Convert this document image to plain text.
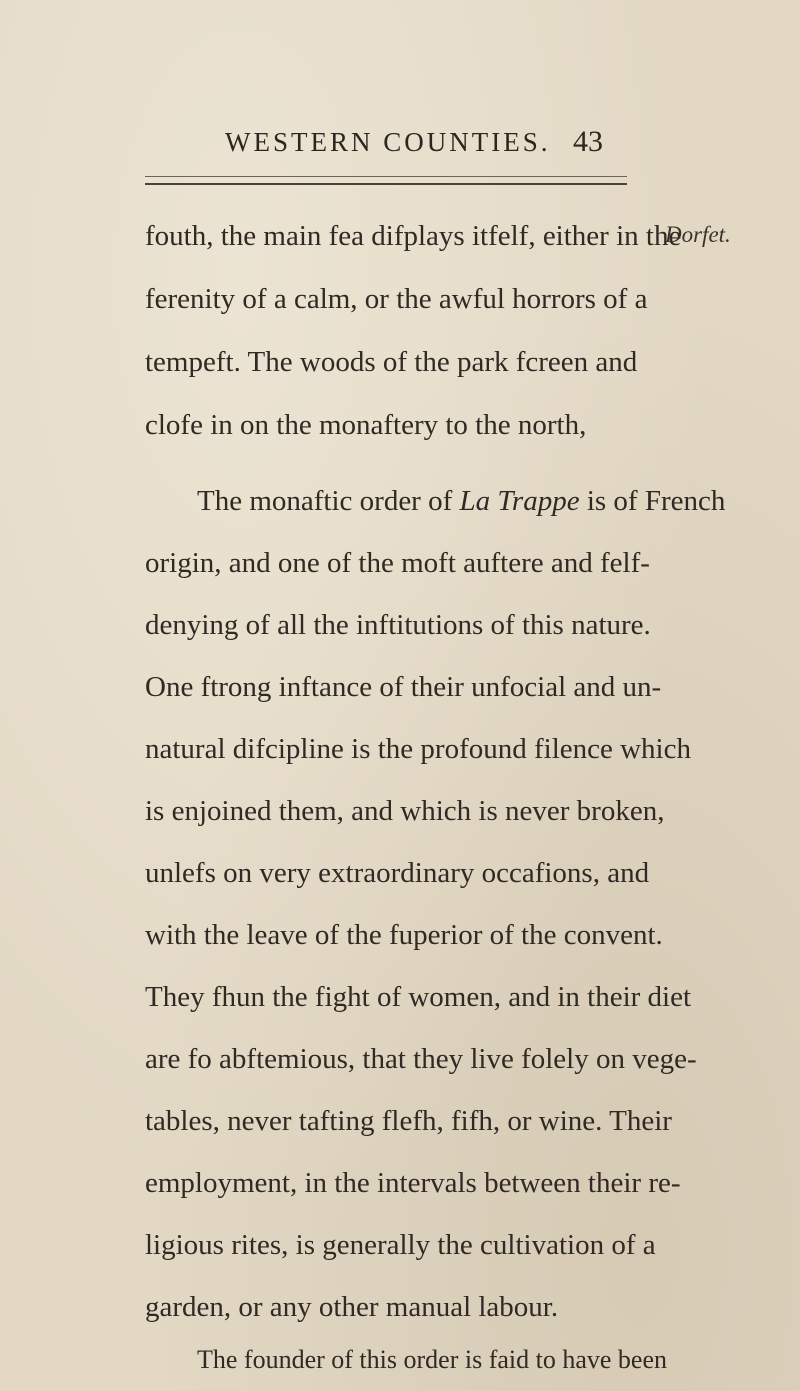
WESTERN COUNTIES. 43
Dorfet.
fouth, the main fea difplays itfelf, either in the
ferenity of a calm, or the awful horrors of a
tempeft. The woods of the park fcreen and
clofe in on the monaftery to the north,
The monaftic order of La Trappe is of French
origin, and one of the moft auftere and felf-
denying of all the inftitutions of this nature.
One ftrong inftance of their unfocial and un-
natural difcipline is the profound filence which
is enjoined them, and which is never broken,
unlefs on very extraordinary occafions, and
with the leave of the fuperior of the convent.
They fhun the fight of women, and in their diet
are fo abftemious, that they live folely on vege-
tables, never tafting flefh, fifh, or wine. Their
employment, in the intervals between their re-
ligious rites, is generally the cultivation of a
garden, or any other manual labour.
The founder of this order is faid to have been
